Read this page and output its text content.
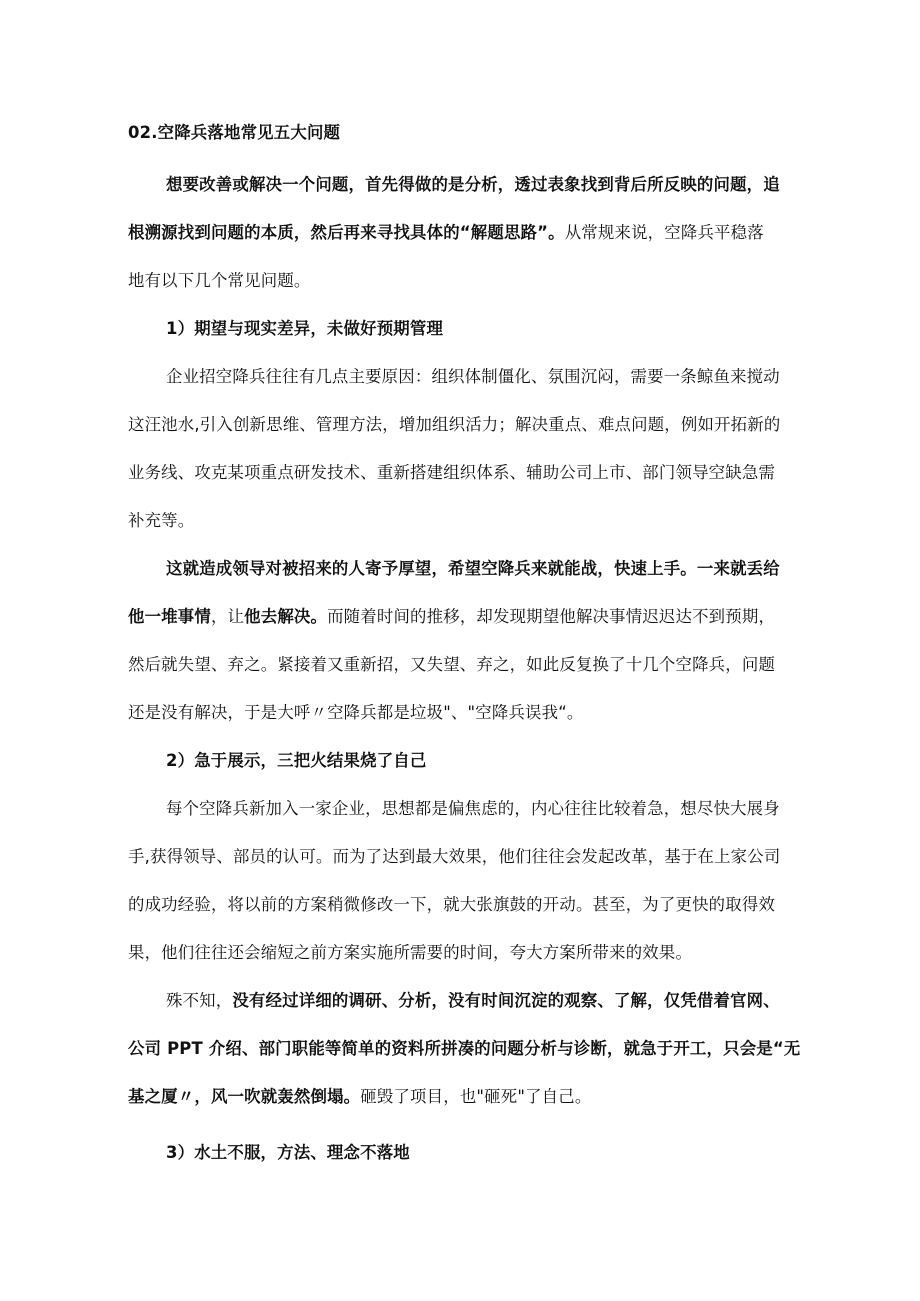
02.空降兵落地常见五大问题
想要改善或解决一个问题，首先得做的是分析，透过表象找到背后所反映的问题，追
根溯源找到问题的本质，然后再来寻找具体的“解题思路”。从常规来说，空降兵平稳落
地有以下几个常见问题。
1）期望与现实差异，未做好预期管理
企业招空降兵往往有几点主要原因：组织体制僵化、氛围沉闷，需要一条鲸鱼来搅动
这汪池水,引入创新思维、管理方法，增加组织活力；解决重点、难点问题，例如开拓新的
业务线、攻克某项重点研发技术、重新搭建组织体系、辅助公司上市、部门领导空缺急需
补充等。
这就造成领导对被招来的人寄予厚望，希望空降兵来就能战，快速上手。一来就丢给
他一堆事情，让他去解决。而随着时间的推移，却发现期望他解决事情迟迟达不到预期，
然后就失望、弃之。紧接着又重新招，又失望、弃之，如此反复换了十几个空降兵，问题
还是没有解决，于是大呼〃空降兵都是垃圾"、"空降兵误我“。
2）急于展示，三把火结果烧了自己
每个空降兵新加入一家企业，思想都是偏焦虑的，内心往往比较着急，想尽快大展身
手,获得领导、部员的认可。而为了达到最大效果，他们往往会发起改革，基于在上家公司
的成功经验，将以前的方案稍微修改一下，就大张旗鼓的开动。甚至，为了更快的取得效
果，他们往往还会缩短之前方案实施所需要的时间，夸大方案所带来的效果。
殊不知，没有经过详细的调研、分析，没有时间沉淀的观察、了解，仅凭借着官网、
公司 PPT 介绍、部门职能等简单的资料所拼凑的问题分析与诊断，就急于开工，只会是“无
基之厦〃，风一吹就轰然倒塌。砸毁了项目，也"砸死"了自己。
3）水土不服，方法、理念不落地
